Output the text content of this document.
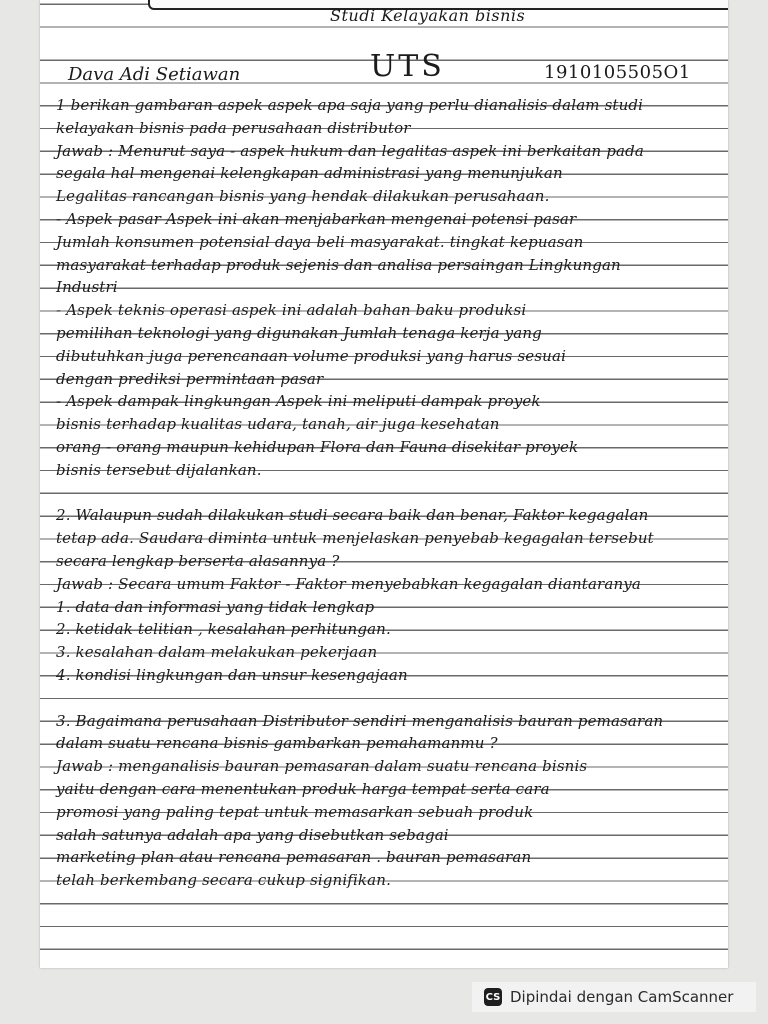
Studi Kelayakan bisnis
Dava Adi Setiawan	UTS	1910105505O1
1 berikan gambaran aspek aspek apa saja yang perlu dianalisis dalam studi
kelayakan bisnis pada perusahaan distributor
Jawab : Menurut saya - aspek hukum dan legalitas aspek ini berkaitan pada
segala hal mengenai kelengkapan administrasi yang menunjukan
Legalitas rancangan bisnis yang hendak dilakukan perusahaan.
- Aspek pasar Aspek ini akan menjabarkan mengenai potensi pasar
Jumlah konsumen potensial daya beli masyarakat. tingkat kepuasan
masyarakat terhadap produk sejenis dan analisa persaingan Lingkungan
Industri
- Aspek teknis operasi aspek ini adalah bahan baku produksi
pemilihan teknologi yang digunakan Jumlah tenaga kerja yang
dibutuhkan juga perencanaan volume produksi yang harus sesuai
dengan prediksi permintaan pasar
- Aspek dampak lingkungan Aspek ini meliputi dampak proyek
bisnis terhadap kualitas udara, tanah, air juga kesehatan
orang - orang maupun kehidupan Flora dan Fauna disekitar proyek
bisnis tersebut dijalankan.
2. Walaupun sudah dilakukan studi secara baik dan benar, Faktor kegagalan
tetap ada. Saudara diminta untuk menjelaskan penyebab kegagalan tersebut
secara lengkap berserta alasannya ?
Jawab : Secara umum Faktor - Faktor menyebabkan kegagalan diantaranya
1. data dan informasi yang tidak lengkap
2. ketidak telitian , kesalahan perhitungan.
3. kesalahan dalam melakukan pekerjaan
4. kondisi lingkungan dan unsur kesengajaan
3. Bagaimana perusahaan Distributor sendiri menganalisis bauran pemasaran
dalam suatu rencana bisnis gambarkan pemahamanmu ?
Jawab : menganalisis bauran pemasaran dalam suatu rencana bisnis
yaitu dengan cara menentukan produk harga tempat serta cara
promosi yang paling tepat untuk memasarkan sebuah produk
salah satunya adalah apa yang disebutkan sebagai
marketing plan atau rencana pemasaran . bauran pemasaran
telah berkembang secara cukup signifikan.
CS Dipindai dengan CamScanner
